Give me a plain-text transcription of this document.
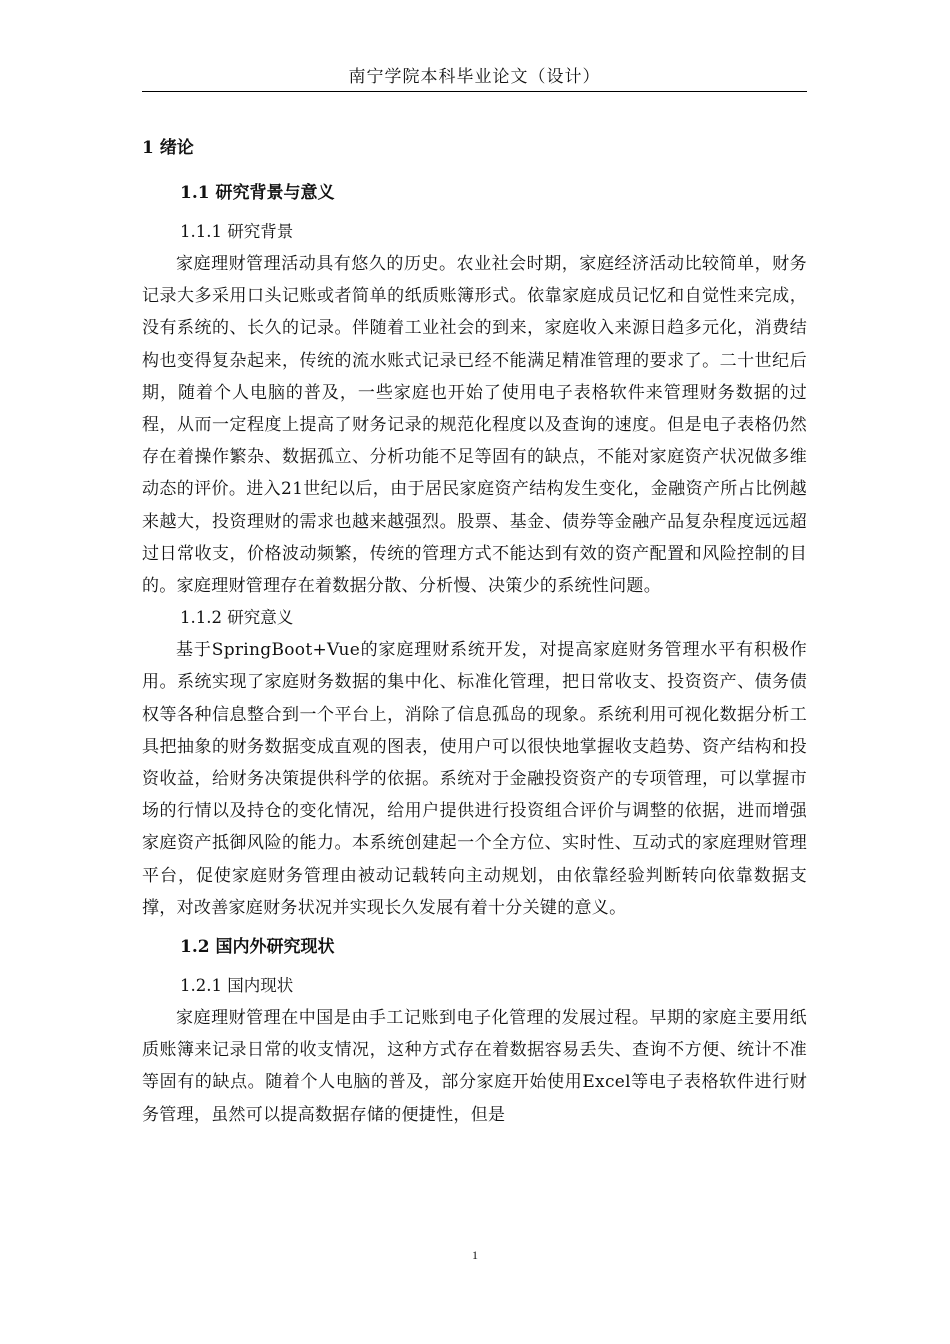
南宁学院本科毕业论文（设计）
1 绪论
1.1 研究背景与意义
1.1.1 研究背景

家庭理财管理活动具有悠久的历史。农业社会时期，家庭经济活动比较简单，财务记录大多采用口头记账或者简单的纸质账簿形式。依靠家庭成员记忆和自觉性来完成，没有系统的、长久的记录。伴随着工业社会的到来，家庭收入来源日趋多元化，消费结构也变得复杂起来，传统的流水账式记录已经不能满足精准管理的要求了。二十世纪后期，随着个人电脑的普及，一些家庭也开始了使用电子表格软件来管理财务数据的过程，从而一定程度上提高了财务记录的规范化程度以及查询的速度。但是电子表格仍然存在着操作繁杂、数据孤立、分析功能不足等固有的缺点，不能对家庭资产状况做多维动态的评价。进入21世纪以后，由于居民家庭资产结构发生变化，金融资产所占比例越来越大，投资理财的需求也越来越强烈。股票、基金、债券等金融产品复杂程度远远超过日常收支，价格波动频繁，传统的管理方式不能达到有效的资产配置和风险控制的目的。家庭理财管理存在着数据分散、分析慢、决策少的系统性问题。

1.1.2 研究意义

基于SpringBoot+Vue的家庭理财系统开发，对提高家庭财务管理水平有积极作用。系统实现了家庭财务数据的集中化、标准化管理，把日常收支、投资资产、债务债权等各种信息整合到一个平台上，消除了信息孤岛的现象。系统利用可视化数据分析工具把抽象的财务数据变成直观的图表，使用户可以很快地掌握收支趋势、资产结构和投资收益，给财务决策提供科学的依据。系统对于金融投资资产的专项管理，可以掌握市场的行情以及持仓的变化情况，给用户提供进行投资组合评价与调整的依据，进而增强家庭资产抵御风险的能力。本系统创建起一个全方位、实时性、互动式的家庭理财管理平台，促使家庭财务管理由被动记载转向主动规划，由依靠经验判断转向依靠数据支撑，对改善家庭财务状况并实现长久发展有着十分关键的意义。

1.2 国内外研究现状
1.2.1 国内现状

家庭理财管理在中国是由手工记账到电子化管理的发展过程。早期的家庭主要用纸质账簿来记录日常的收支情况，这种方式存在着数据容易丢失、查询不方便、统计不准等固有的缺点。随着个人电脑的普及，部分家庭开始使用Excel等电子表格软件进行财务管理，虽然可以提高数据存储的便捷性，但是

1
